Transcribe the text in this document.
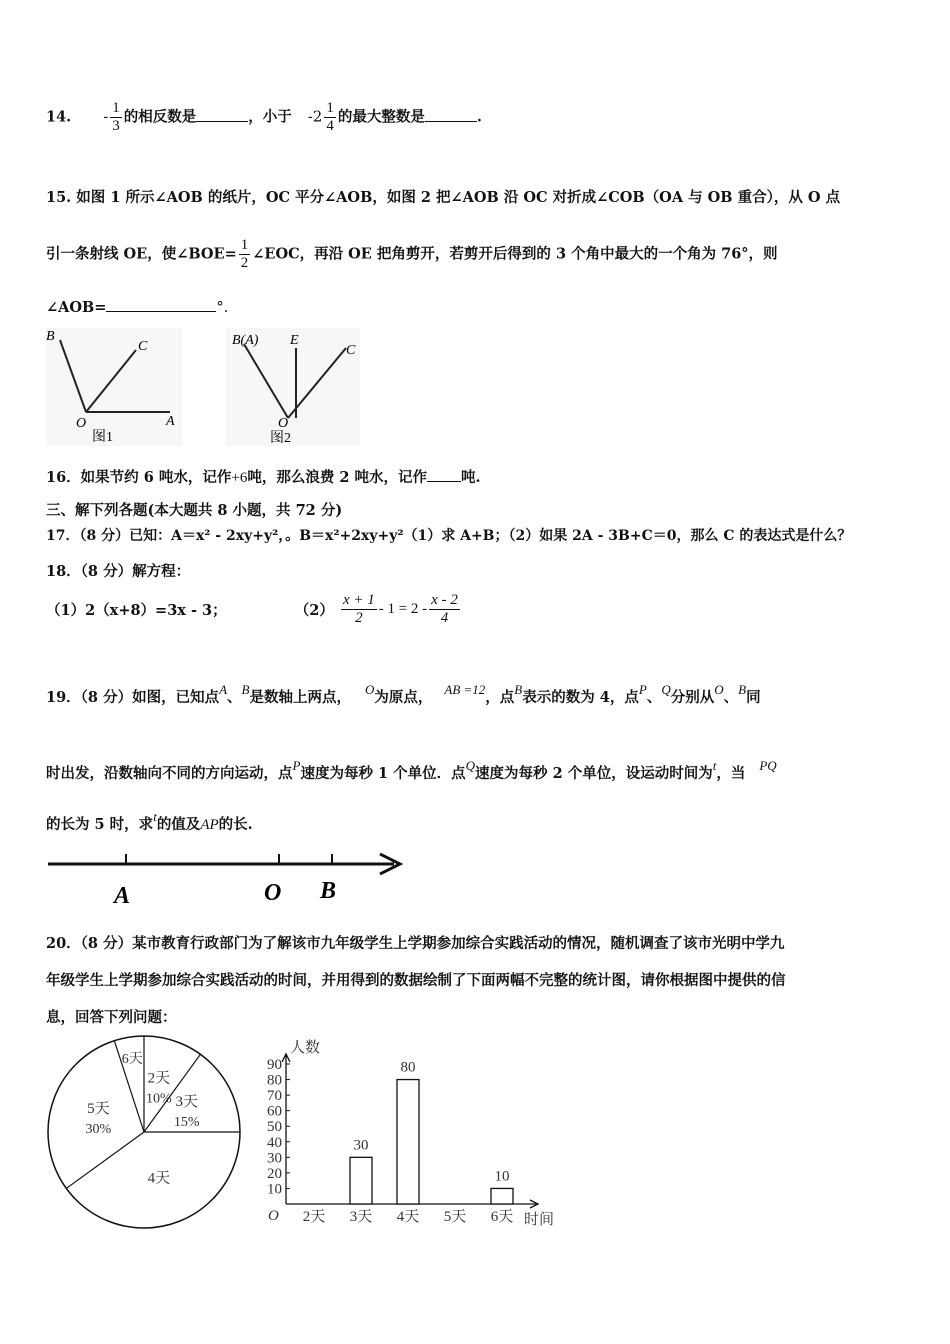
14. - $\frac{1}{3}$ 的相反数是	，小于 $-2 \frac{1}{4}$ 的最大整数是	.
15. 如图 1 所示∠AOB 的纸片，OC 平分∠AOB，如图 2 把∠AOB 沿 OC 对折成∠COB（OA 与 OB 重合），从 O 点
引一条射线 OE，使∠BOE= $\frac{1}{2}$ ∠EOC，再沿 OE 把角剪开，若剪开后得到的 3 个角中最大的一个角为 76°，则
∠AOB=	°.
B
C
O	A
图1
B(A) E
C
O
图2
16．如果节约 6 吨水，记作+6吨，那么浪费 2 吨水，记作 吨.
三、解下列各题(本大题共 8 小题，共 72 分)
17．（8 分）已知：A＝x² - 2xy+y²，。B＝x²+2xy+y²（1）求 A+B；（2）如果 2A - 3B+C＝0，那么 C 的表达式是什么？
18．（8 分）解方程：
（1）2（x+8）=3x - 3；	$(2) \frac{x + 1}{2} - 1 = 2 - \frac{x - 2}{4}$
19．（8 分）如图，已知点A、B是数轴上两点， O为原点， AB =12，点B表示的数为 4，点P、Q分别从O、B同
时出发，沿数轴向不同的方向运动，点P速度为每秒 1 个单位．点Q速度为每秒 2 个单位，设运动时间为t，当 PQ
的长为 5 时，求t的值及AP的长.
A	O B
20．（8 分）某市教育行政部门为了解该市九年级学生上学期参加综合实践活动的情况，随机调查了该市光明中学九
年级学生上学期参加综合实践活动的时间，并用得到的数据绘制了下面两幅不完整的统计图，请你根据图中提供的信
息，回答下列问题：
2天
10% 3天
15%
4天
5天
30%
6天
人数
时间
O
10
20
30
40
50
60
70
80
90
2天 3天
30
4天
80
5天 6天
10
